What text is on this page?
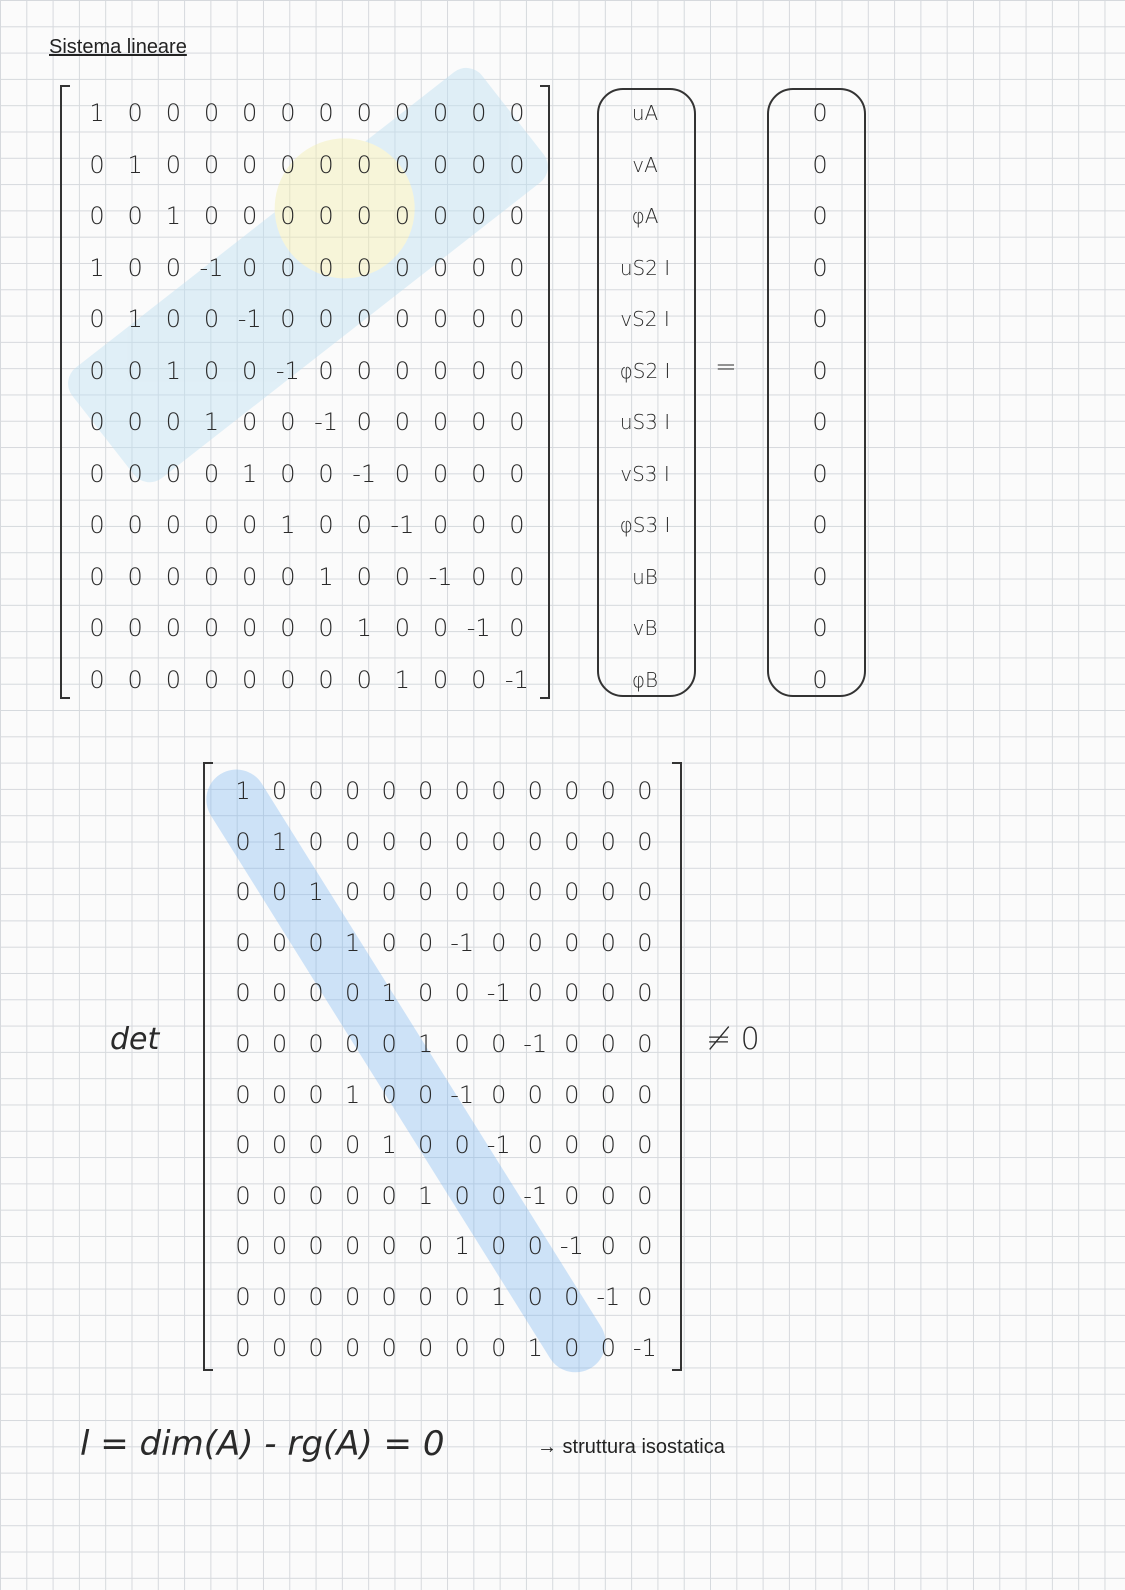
Sistema lineare
1 0 0 0 0 0 0 0 0 0 0 0
0 1 0 0 0 0 0 0 0 0 0 0
0 0 1 0 0 0 0 0 0 0 0 0
1 0 0 -1 0 0 0 0 0 0 0 0
0 1 0 0 -1 0 0 0 0 0 0 0
0 0 1 0 0 -1 0 0 0 0 0 0
0 0 0 1 0 0 -1 0 0 0 0 0
0 0 0 0 1 0 0 -1 0 0 0 0
0 0 0 0 0 1 0 0 -1 0 0 0
0 0 0 0 0 0 1 0 0 -1 0 0
0 0 0 0 0 0 0 1 0 0 -1 0
0 0 0 0 0 0 0 0 1 0 0 -1
uA
vA
φA
uS2 I
vS2 I
φS2 I
uS3 I
vS3 I
φS3 I
uB
vB
φB
=
0
0
0
0
0
0
0
0
0
0
0
0
det
1 0 0 0 0 0 0 0 0 0 0 0
0 1 0 0 0 0 0 0 0 0 0 0
0 0 1 0 0 0 0 0 0 0 0 0
0 0 0 1 0 0 -1 0 0 0 0 0
0 0 0 0 1 0 0 -1 0 0 0 0
0 0 0 0 0 1 0 0 -1 0 0 0
0 0 0 1 0 0 -1 0 0 0 0 0
0 0 0 0 1 0 0 -1 0 0 0 0
0 0 0 0 0 1 0 0 -1 0 0 0
0 0 0 0 0 0 1 0 0 -1 0 0
0 0 0 0 0 0 0 1 0 0 -1 0
0 0 0 0 0 0 0 0 1 0 0 -1
≠ 0
l = dim(A) - rg(A) = 0	→ struttura isostatica
